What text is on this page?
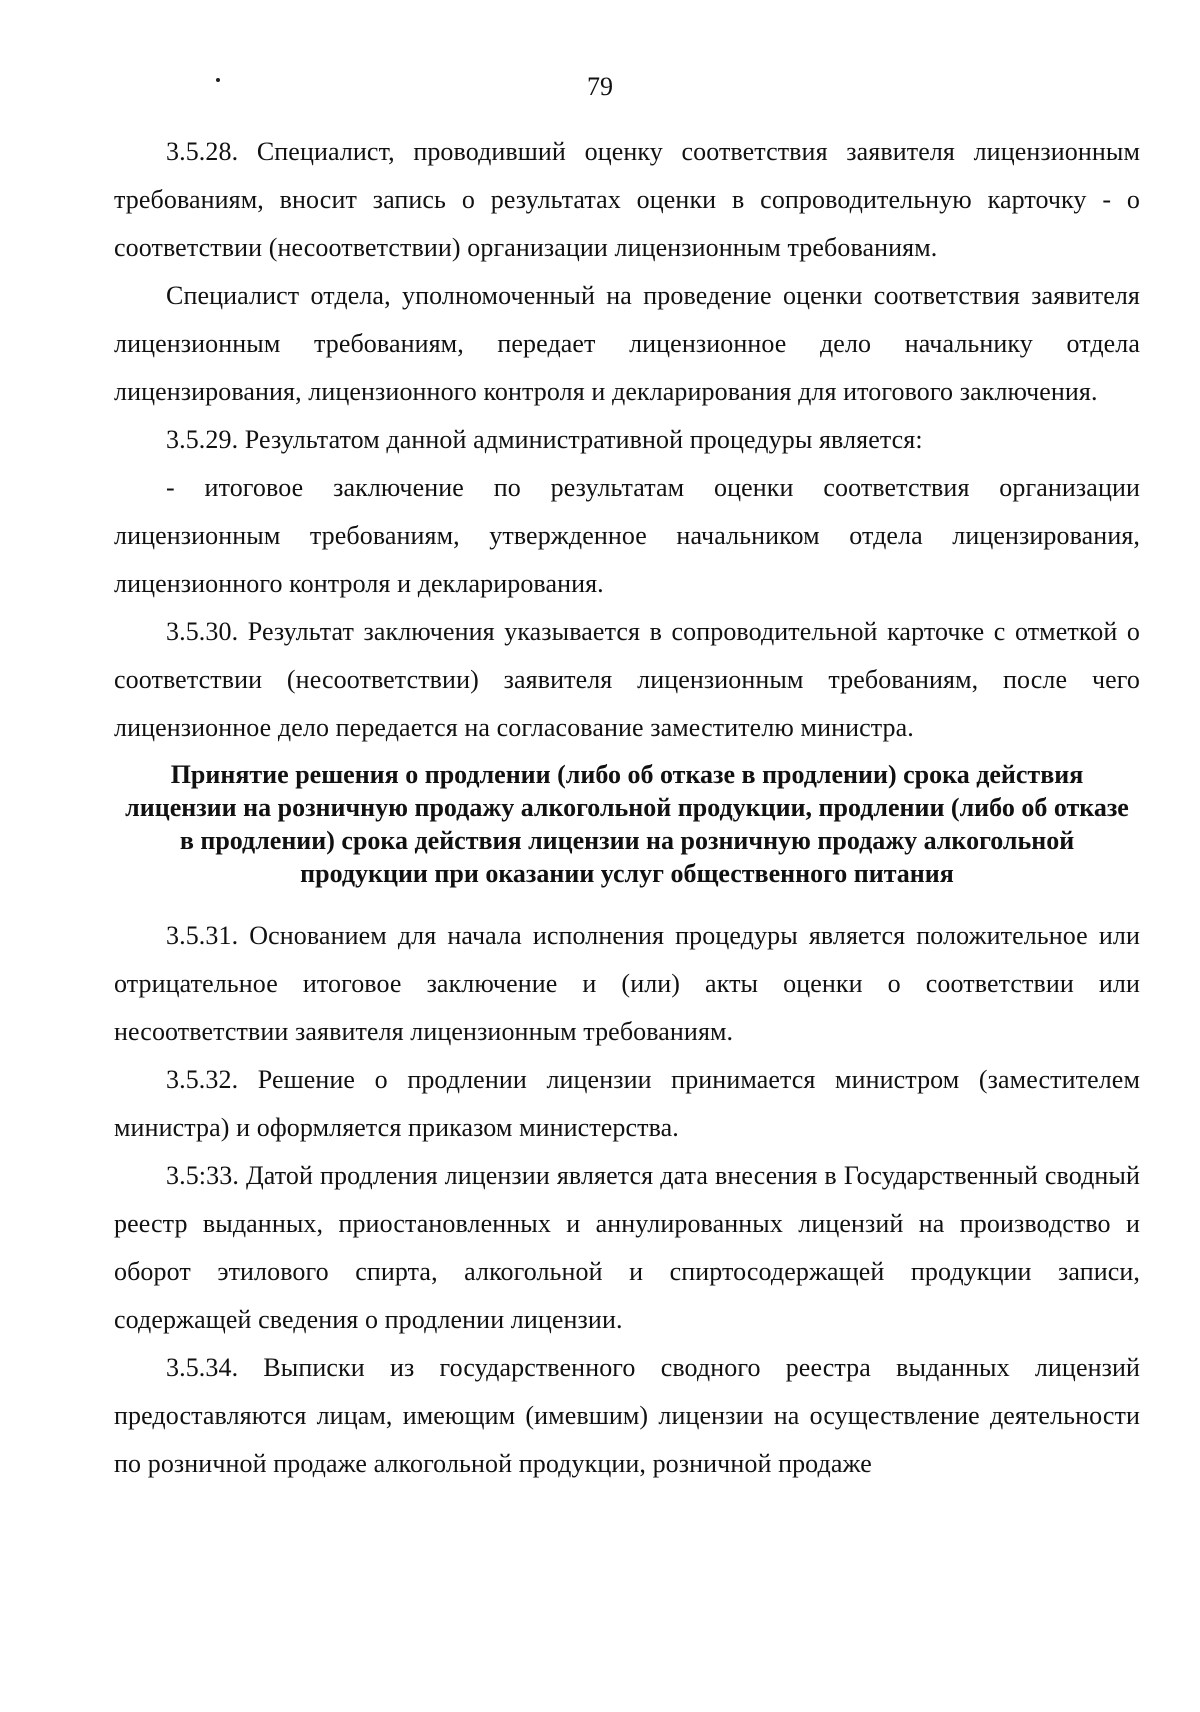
79

3.5.28. Специалист, проводивший оценку соответствия заявителя лицензионным требованиям, вносит запись о результатах оценки в сопроводительную карточку - о соответствии (несоответствии) организации лицензионным требованиям.

Специалист отдела, уполномоченный на проведение оценки соответствия заявителя лицензионным требованиям, передает лицензионное дело начальнику отдела лицензирования, лицензионного контроля и декларирования для итогового заключения.

3.5.29. Результатом данной административной процедуры является:

- итоговое заключение по результатам оценки соответствия организации лицензионным требованиям, утвержденное начальником отдела лицензирования, лицензионного контроля и декларирования.

3.5.30. Результат заключения указывается в сопроводительной карточке с отметкой о соответствии (несоответствии) заявителя лицензионным требованиям, после чего лицензионное дело передается на согласование заместителю министра.

Принятие решения о продлении (либо об отказе в продлении) срока действия лицензии на розничную продажу алкогольной продукции, продлении (либо об отказе в продлении) срока действия лицензии на розничную продажу алкогольной продукции при оказании услуг общественного питания

3.5.31. Основанием для начала исполнения процедуры является положительное или отрицательное итоговое заключение и (или) акты оценки о соответствии или несоответствии заявителя лицензионным требованиям.

3.5.32. Решение о продлении лицензии принимается министром (заместителем министра) и оформляется приказом министерства.

3.5:33. Датой продления лицензии является дата внесения в Государственный сводный реестр выданных, приостановленных и аннулированных лицензий на производство и оборот этилового спирта, алкогольной и спиртосодержащей продукции записи, содержащей сведения о продлении лицензии.

3.5.34. Выписки из государственного сводного реестра выданных лицензий предоставляются лицам, имеющим (имевшим) лицензии на осуществление деятельности по розничной продаже алкогольной продукции, розничной продаже
